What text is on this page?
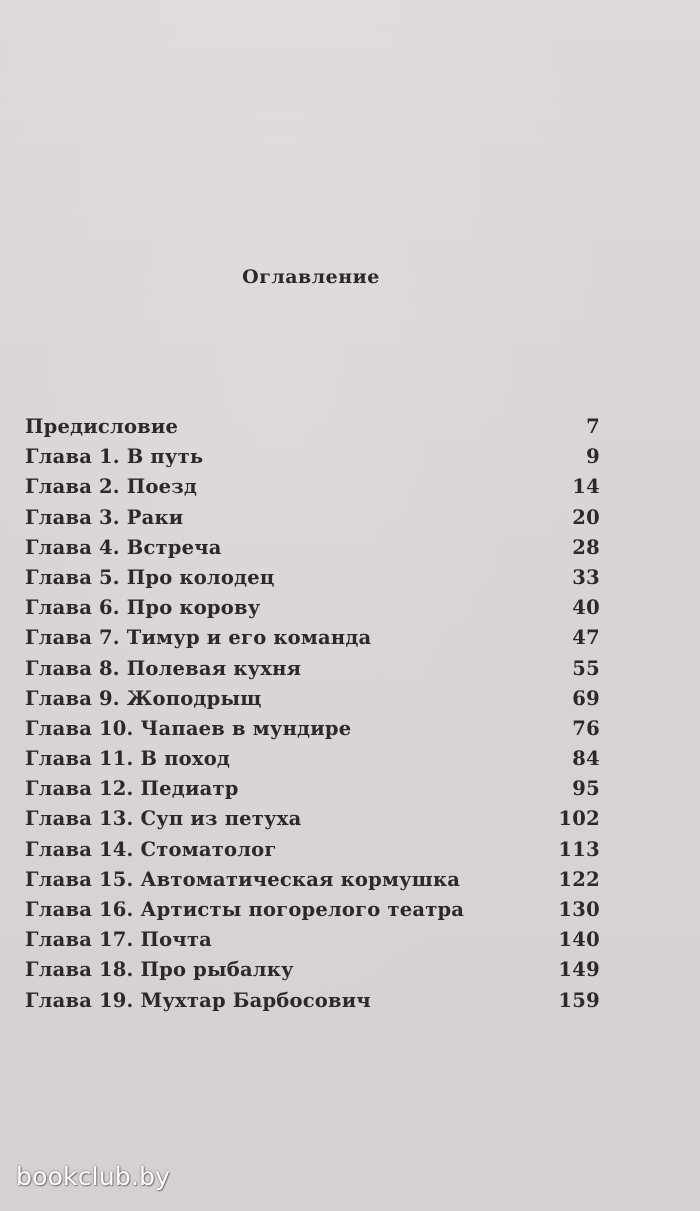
Оглавление
Предисловие	7
Глава 1. В путь	9
Глава 2. Поезд	14
Глава 3. Раки	20
Глава 4. Встреча	28
Глава 5. Про колодец	33
Глава 6. Про корову	40
Глава 7. Тимур и его команда	47
Глава 8. Полевая кухня	55
Глава 9. Жоподрыщ	69
Глава 10. Чапаев в мундире	76
Глава 11. В поход	84
Глава 12. Педиатр	95
Глава 13. Суп из петуха	102
Глава 14. Стоматолог	113
Глава 15. Автоматическая кормушка	122
Глава 16. Артисты погорелого театра	130
Глава 17. Почта	140
Глава 18. Про рыбалку	149
Глава 19. Мухтар Барбосович	159
bookclub.by
